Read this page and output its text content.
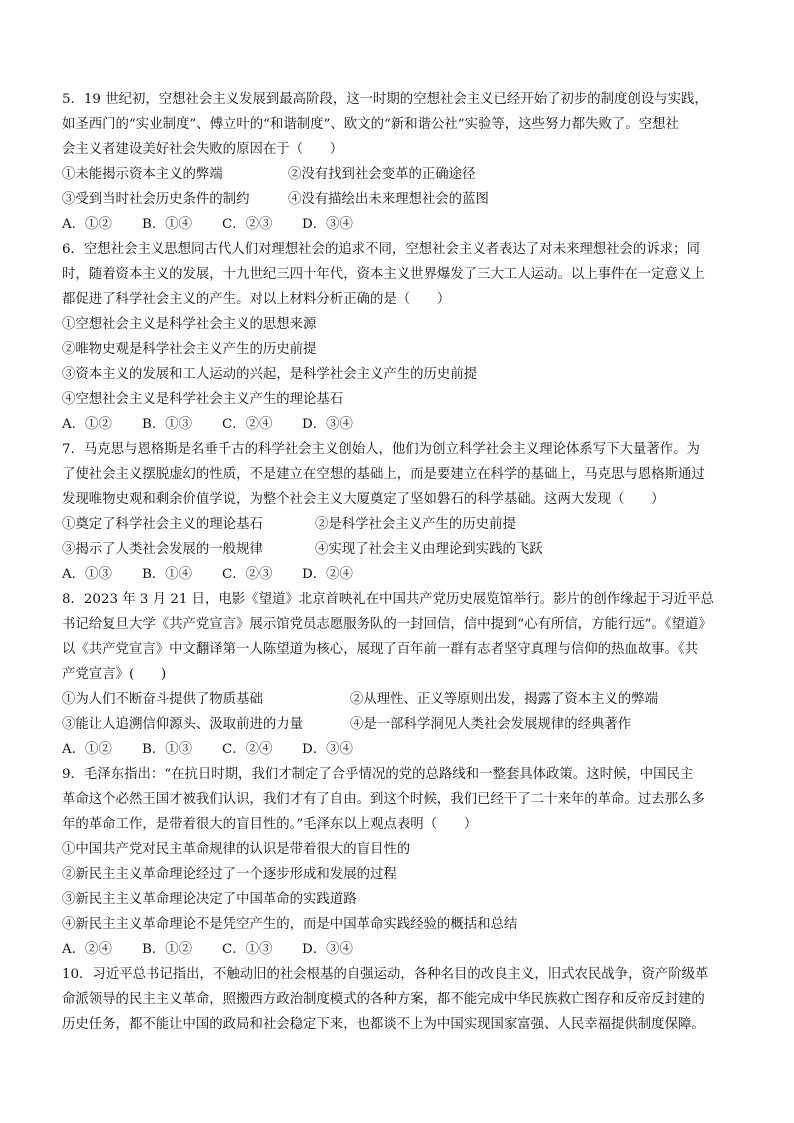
5．19 世纪初，空想社会主义发展到最高阶段，这一时期的空想社会主义已经开始了初步的制度创设与实践，
如圣西门的“实业制度”、傅立叶的“和谐制度”、欧文的“新和谐公社”实验等，这些努力都失败了。空想社
会主义者建设美好社会失败的原因在于（　　）
①未能揭示资本主义的弊端	②没有找到社会变革的正确途径
③受到当时社会历史条件的制约	④没有描绘出未来理想社会的蓝图
A．①② B．①④ C．②③ D．③④
6．空想社会主义思想同古代人们对理想社会的追求不同，空想社会主义者表达了对未来理想社会的诉求；同
时，随着资本主义的发展，十九世纪三四十年代，资本主义世界爆发了三大工人运动。以上事件在一定意义上
都促进了科学社会主义的产生。对以上材料分析正确的是（　　）
①空想社会主义是科学社会主义的思想来源
②唯物史观是科学社会主义产生的历史前提
③资本主义的发展和工人运动的兴起，是科学社会主义产生的历史前提
④空想社会主义是科学社会主义产生的理论基石
A．①② B．①③ C．②④ D．③④
7．马克思与恩格斯是名垂千古的科学社会主义创始人，他们为创立科学社会主义理论体系写下大量著作。为
了使社会主义摆脱虚幻的性质，不是建立在空想的基础上，而是要建立在科学的基础上，马克思与恩格斯通过
发现唯物史观和剩余价值学说，为整个社会主义大厦奠定了坚如磐石的科学基础。这两大发现（　　）
①奠定了科学社会主义的理论基石	②是科学社会主义产生的历史前提
③揭示了人类社会发展的一般规律	④实现了社会主义由理论到实践的飞跃
A．①③ B．①④ C．②③ D．②④
8．2023 年 3 月 21 日，电影《望道》北京首映礼在中国共产党历史展览馆举行。影片的创作缘起于习近平总
书记给复旦大学《共产党宣言》展示馆党员志愿服务队的一封回信，信中提到“心有所信，方能行远”。《望道》
以《共产党宣言》中文翻译第一人陈望道为核心，展现了百年前一群有志者坚守真理与信仰的热血故事。《共
产党宣言》(　　)
①为人们不断奋斗提供了物质基础	②从理性、正义等原则出发，揭露了资本主义的弊端
③能让人追溯信仰源头、汲取前进的力量	④是一部科学洞见人类社会发展规律的经典著作
A．①② B．①③ C．②④ D．③④
9．毛泽东指出：“在抗日时期，我们才制定了合乎情况的党的总路线和一整套具体政策。这时候，中国民主
革命这个必然王国才被我们认识，我们才有了自由。到这个时候，我们已经干了二十来年的革命。过去那么多
年的革命工作，是带着很大的盲目性的。”毛泽东以上观点表明（　　）
①中国共产党对民主革命规律的认识是带着很大的盲目性的
②新民主主义革命理论经过了一个逐步形成和发展的过程
③新民主主义革命理论决定了中国革命的实践道路
④新民主主义革命理论不是凭空产生的，而是中国革命实践经验的概括和总结
A．②④ B．①② C．①③ D．③④
10．习近平总书记指出，不触动旧的社会根基的自强运动，各种名目的改良主义，旧式农民战争，资产阶级革
命派领导的民主主义革命，照搬西方政治制度模式的各种方案，都不能完成中华民族救亡图存和反帝反封建的
历史任务，都不能让中国的政局和社会稳定下来，也都谈不上为中国实现国家富强、人民幸福提供制度保障。
